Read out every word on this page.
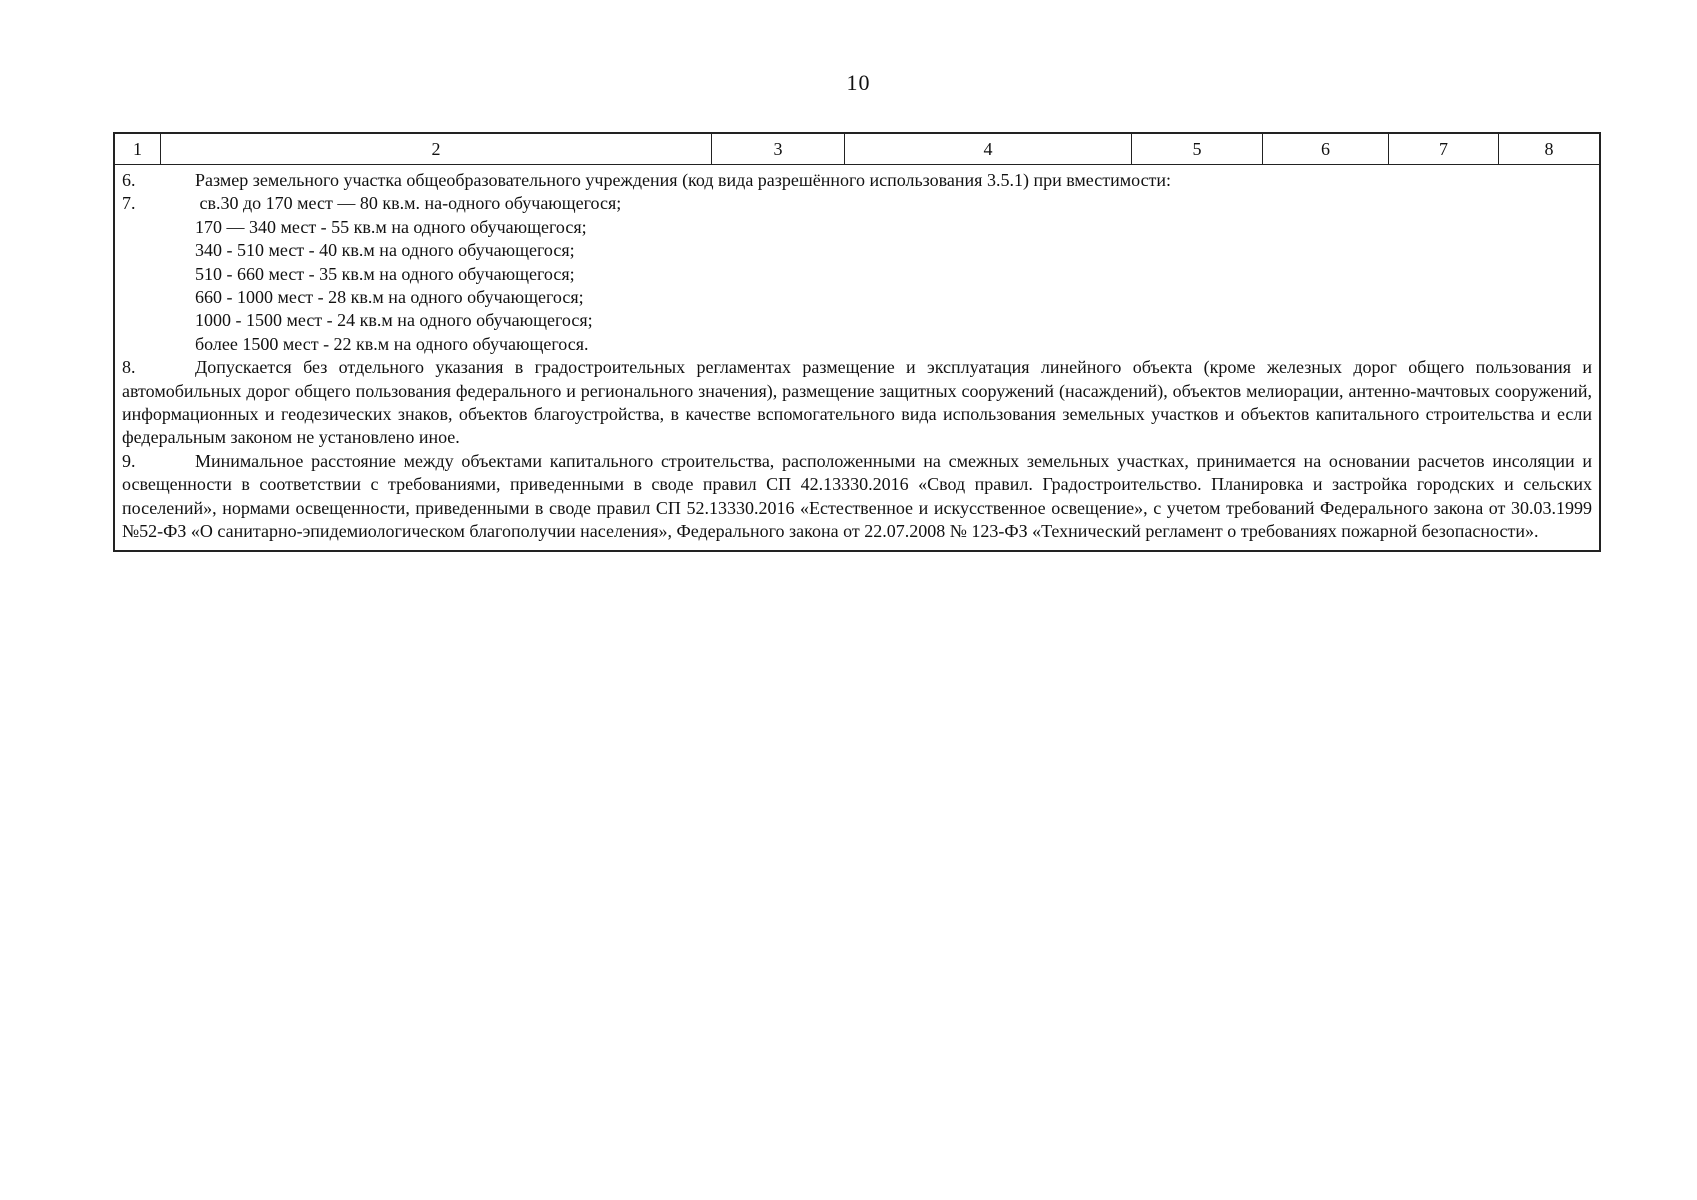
10
1	2	3	4	5	6	7	8
6.	Размер земельного участка общеобразовательного учреждения (код вида разрешённого использования 3.5.1) при вместимости:
7.	св.30 до 170 мест — 80 кв.м. на-одного обучающегося;
170 — 340 мест - 55 кв.м на одного обучающегося;
340 - 510 мест - 40 кв.м на одного обучающегося;
510 - 660 мест - 35 кв.м на одного обучающегося;
660 - 1000 мест - 28 кв.м на одного обучающегося;
1000 - 1500 мест - 24 кв.м на одного обучающегося;
более 1500 мест - 22 кв.м на одного обучающегося.
8.	Допускается без отдельного указания в градостроительных регламентах размещение и эксплуатация линейного объекта (кроме железных дорог общего пользования и автомобильных дорог общего пользования федерального и регионального значения), размещение защитных сооружений (насаждений), объектов мелиорации, антенно-мачтовых сооружений, информационных и геодезических знаков, объектов благоустройства, в качестве вспомогательного вида использования земельных участков и объектов капитального строительства и если федеральным законом не установлено иное.
9.	Минимальное расстояние между объектами капитального строительства, расположенными на смежных земельных участках, принимается на основании расчетов инсоляции и освещенности в соответствии с требованиями, приведенными в своде правил СП 42.13330.2016 «Свод правил. Градостроительство. Планировка и застройка городских и сельских поселений», нормами освещенности, приведенными в своде правил СП 52.13330.2016 «Естественное и искусственное освещение», с учетом требований Федерального закона от 30.03.1999 №52-ФЗ «О санитарно-эпидемиологическом благополучии населения», Федерального закона от 22.07.2008 № 123-ФЗ «Технический регламент о требованиях пожарной безопасности».
